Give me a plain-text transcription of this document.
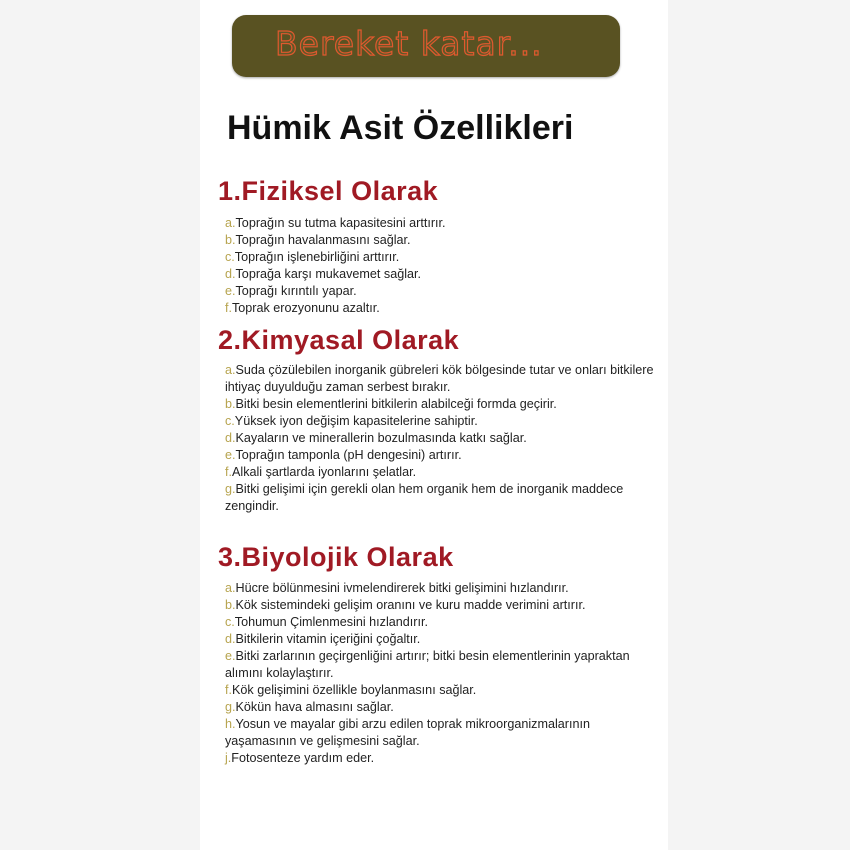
Bereket katar...
Hümik Asit Özellikleri
1.Fiziksel Olarak
a.Toprağın su tutma kapasitesini arttırır.
b.Toprağın havalanmasını sağlar.
c.Toprağın işlenebirliğini arttırır.
d.Toprağa karşı mukavemet sağlar.
e.Toprağı kırıntılı yapar.
f.Toprak erozyonunu azaltır.
2.Kimyasal Olarak
a.Suda çözülebilen inorganik gübreleri kök bölgesinde tutar ve onları bitkilere ihtiyaç duyulduğu zaman serbest bırakır.
b.Bitki besin elementlerini bitkilerin alabilceği formda geçirir.
c.Yüksek iyon değişim kapasitelerine sahiptir.
d.Kayaların ve minerallerin bozulmasında katkı sağlar.
e.Toprağın tamponla (pH dengesini) artırır.
f.Alkali şartlarda iyonlarını şelatlar.
g.Bitki gelişimi için gerekli olan hem organik hem de inorganik maddece zengindir.
3.Biyolojik Olarak
a.Hücre bölünmesini ivmelendirerek bitki gelişimini hızlandırır.
b.Kök sistemindeki gelişim oranını ve kuru madde verimini artırır.
c.Tohumun Çimlenmesini hızlandırır.
d.Bitkilerin vitamin içeriğini çoğaltır.
e.Bitki zarlarının geçirgenliğini artırır; bitki besin elementlerinin yapraktan alımını kolaylaştırır.
f.Kök gelişimini özellikle boylanmasını sağlar.
g.Kökün hava almasını sağlar.
h.Yosun ve mayalar gibi arzu edilen toprak mikroorganizmalarının yaşamasının ve gelişmesini sağlar.
j.Fotosenteze yardım eder.
